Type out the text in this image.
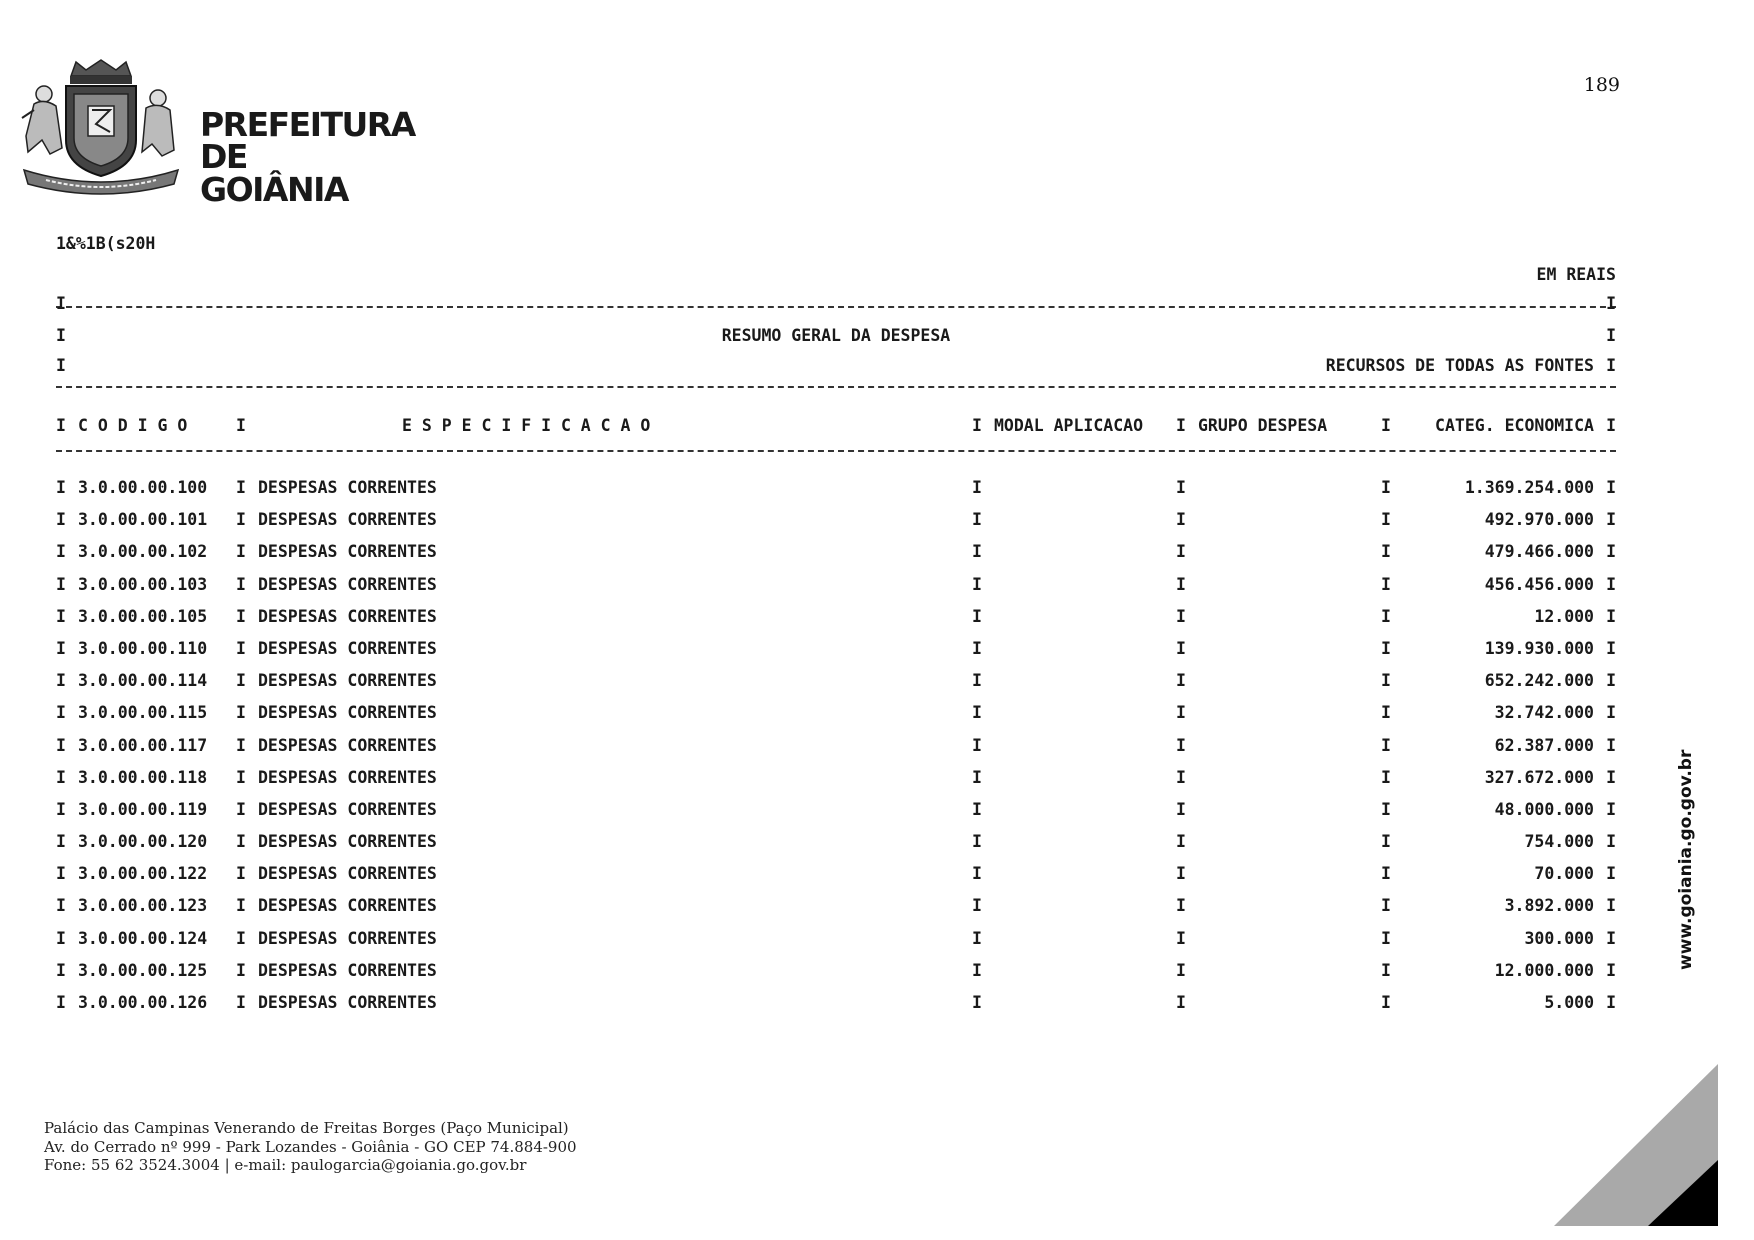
189
PREFEITURA
DE GOIÂNIA
1&%1B(s20H
EM REAIS
I	I
I	RESUMO GERAL DA DESPESA	I
I	RECURSOS DE TODAS AS FONTES I
I C O D I G O	I	E S P E C I F I C A C A O	I MODAL APLICACAO I GRUPO DESPESA	I	CATEG. ECONOMICA I
I 3.0.00.00.100 I DESPESAS CORRENTES	I	I	I	1.369.254.000 I
I 3.0.00.00.101 I DESPESAS CORRENTES	I	I	I	492.970.000 I
I 3.0.00.00.102 I DESPESAS CORRENTES	I	I	I	479.466.000 I
I 3.0.00.00.103 I DESPESAS CORRENTES	I	I	I	456.456.000 I
I 3.0.00.00.105 I DESPESAS CORRENTES	I	I	I	12.000 I
I 3.0.00.00.110 I DESPESAS CORRENTES	I	I	I	139.930.000 I
I 3.0.00.00.114 I DESPESAS CORRENTES	I	I	I	652.242.000 I
I 3.0.00.00.115 I DESPESAS CORRENTES	I	I	I	32.742.000 I
I 3.0.00.00.117 I DESPESAS CORRENTES	I	I	I	62.387.000 I
I 3.0.00.00.118 I DESPESAS CORRENTES	I	I	I	327.672.000 I
I 3.0.00.00.119 I DESPESAS CORRENTES	I	I	I	48.000.000 I
I 3.0.00.00.120 I DESPESAS CORRENTES	I	I	I	754.000 I
I 3.0.00.00.122 I DESPESAS CORRENTES	I	I	I	70.000 I
I 3.0.00.00.123 I DESPESAS CORRENTES	I	I	I	3.892.000 I
I 3.0.00.00.124 I DESPESAS CORRENTES	I	I	I	300.000 I
I 3.0.00.00.125 I DESPESAS CORRENTES	I	I	I	12.000.000 I
I 3.0.00.00.126 I DESPESAS CORRENTES	I	I	I	5.000 I
Palácio das Campinas Venerando de Freitas Borges (Paço Municipal)
Av. do Cerrado nº 999 - Park Lozandes - Goiânia - GO CEP 74.884-900
Fone: 55 62 3524.3004 | e-mail: paulogarcia@goiania.go.gov.br
www.goiania.go.gov.br
